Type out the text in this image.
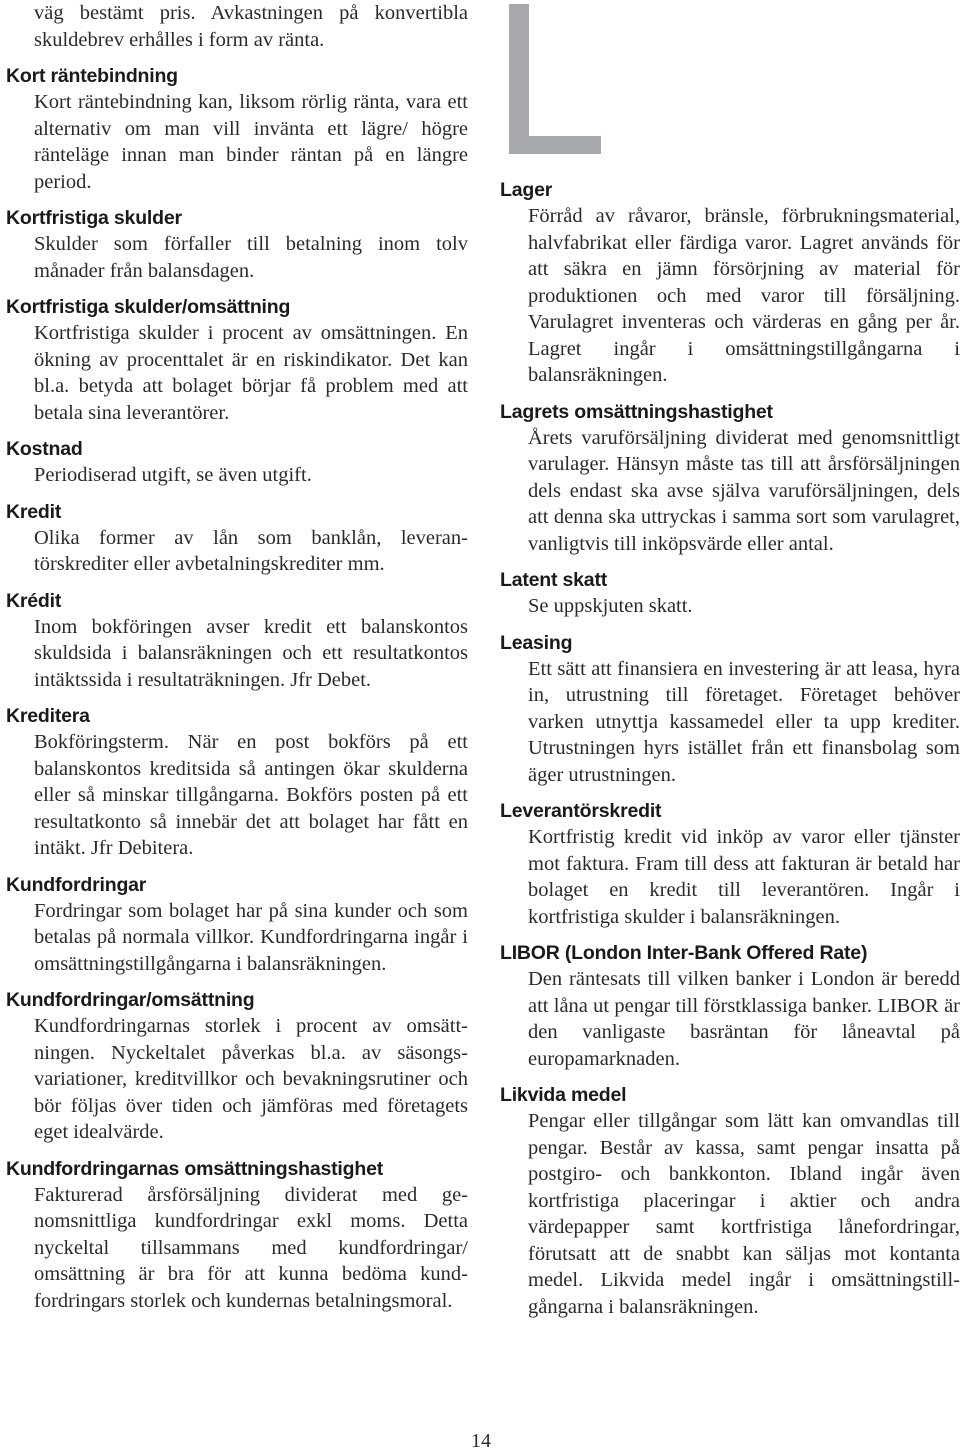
väg bestämt pris. Avkastningen på konvertibla skuldebrev erhålles i form av ränta.

Kort räntebindning

Kort räntebindning kan, liksom rörlig ränta, vara ett alternativ om man vill invänta ett lägre/ högre ränteläge innan man binder räntan på en längre period.

Kortfristiga skulder

Skulder som förfaller till betalning inom tolv månader från balansdagen.

Kortfristiga skulder/omsättning

Kortfristiga skulder i procent av omsättningen. En ökning av procenttalet är en riskindikator. Det kan bl.a. betyda att bolaget börjar få problem med att betala sina leverantörer.

Kostnad

Periodiserad utgift, se även utgift.

Kredit

Olika former av lån som banklån, leverantörskrediter eller avbetalningskrediter mm.

Krédit

Inom bokföringen avser kredit ett balanskontos skuldsida i balansräkningen och ett resultatkontos intäktssida i resultaträkningen. Jfr Debet.

Kreditera

Bokföringsterm. När en post bokförs på ett balanskontos kreditsida så antingen ökar skulderna eller så minskar tillgångarna. Bokförs posten på ett resultatkonto så innebär det att bolaget har fått en intäkt. Jfr Debitera.

Kundfordringar

Fordringar som bolaget har på sina kunder och som betalas på normala villkor. Kundfordringarna ingår i omsättningstillgångarna i balansräkningen.

Kundfordringar/omsättning

Kundfordringarnas storlek i procent av omsättningen. Nyckeltalet påverkas bl.a. av säsongsvariationer, kreditvillkor och bevakningsrutiner och bör följas över tiden och jämföras med företagets eget idealvärde.

Kundfordringarnas omsättningshastighet

Fakturerad årsförsäljning dividerat med genomsnittliga kundfordringar exkl moms. Detta nyckeltal tillsammans med kundfordringar/ omsättning är bra för att kunna bedöma kundfordringars storlek och kundernas betalningsmoral.

Lager

Förråd av råvaror, bränsle, förbrukningsmaterial, halvfabrikat eller färdiga varor. Lagret används för att säkra en jämn försörjning av material för produktionen och med varor till försäljning. Varulagret inventeras och värderas en gång per år. Lagret ingår i omsättningstillgångarna i balansräkningen.

Lagrets omsättningshastighet

Årets varuförsäljning dividerat med genomsnittligt varulager. Hänsyn måste tas till att årsförsäljningen dels endast ska avse själva varuförsäljningen, dels att denna ska uttryckas i samma sort som varulagret, vanligtvis till inköpsvärde eller antal.

Latent skatt

Se uppskjuten skatt.

Leasing

Ett sätt att finansiera en investering är att leasa, hyra in, utrustning till företaget. Företaget behöver varken utnyttja kassamedel eller ta upp krediter. Utrustningen hyrs istället från ett finansbolag som äger utrustningen.

Leverantörskredit

Kortfristig kredit vid inköp av varor eller tjänster mot faktura. Fram till dess att fakturan är betald har bolaget en kredit till leverantören. Ingår i kortfristiga skulder i balansräkningen.

LIBOR (London Inter-Bank Offered Rate)

Den räntesats till vilken banker i London är beredd att låna ut pengar till förstklassiga banker. LIBOR är den vanligaste basräntan för låneavtal på europamarknaden.

Likvida medel

Pengar eller tillgångar som lätt kan omvandlas till pengar. Består av kassa, samt pengar insatta på postgiro- och bankkonton. Ibland ingår även kortfristiga placeringar i aktier och andra värdepapper samt kortfristiga lånefordringar, förutsatt att de snabbt kan säljas mot kontanta medel. Likvida medel ingår i omsättningstillgångarna i balansräkningen.

14
